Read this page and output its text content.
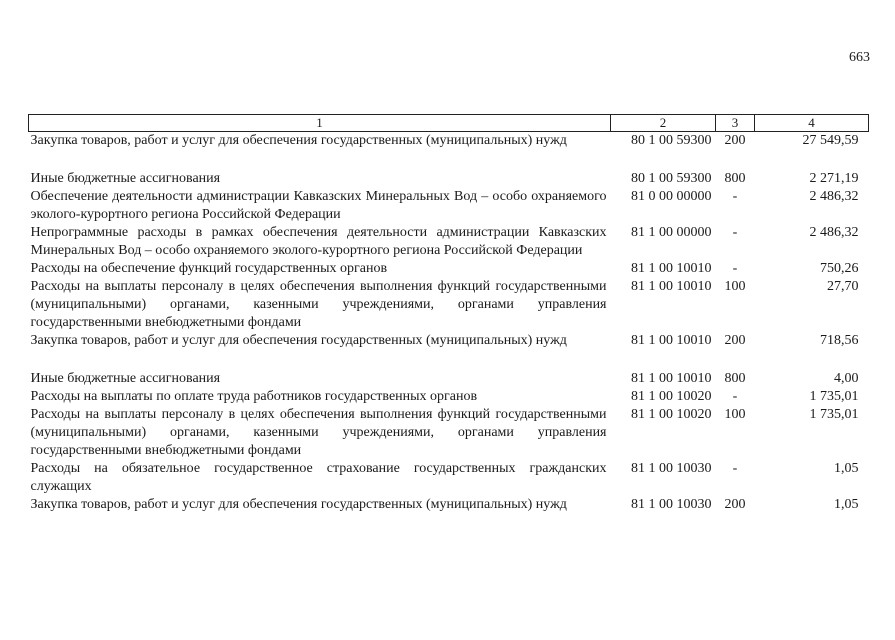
663
1	2	3	4
Закупка товаров, работ и услуг для обеспечения государственных (муниципальных) нужд	80 1 00 59300	200	27 549,59
Иные бюджетные ассигнования	80 1 00 59300	800	2 271,19
Обеспечение деятельности администрации Кавказских Минеральных Вод – особо охраняемого эколого-курортного региона Российской Федерации	81 0 00 00000	-	2 486,32
Непрограммные расходы в рамках обеспечения деятельности администрации Кавказских Минеральных Вод – особо охраняемого эколого-курортного региона Российской Федерации	81 1 00 00000	-	2 486,32
Расходы на обеспечение функций государственных органов	81 1 00 10010	-	750,26
Расходы на выплаты персоналу в целях обеспечения выполнения функций государственными (муниципальными) органами, казенными учреждениями, органами управления государственными внебюджетными фондами	81 1 00 10010	100	27,70
Закупка товаров, работ и услуг для обеспечения государственных (муниципальных) нужд	81 1 00 10010	200	718,56
Иные бюджетные ассигнования	81 1 00 10010	800	4,00
Расходы на выплаты по оплате труда работников государственных органов	81 1 00 10020	-	1 735,01
Расходы на выплаты персоналу в целях обеспечения выполнения функций государственными (муниципальными) органами, казенными учреждениями, органами управления государственными внебюджетными фондами	81 1 00 10020	100	1 735,01
Расходы на обязательное государственное страхование государственных гражданских служащих	81 1 00 10030	-	1,05
Закупка товаров, работ и услуг для обеспечения государственных (муниципальных) нужд	81 1 00 10030	200	1,05
